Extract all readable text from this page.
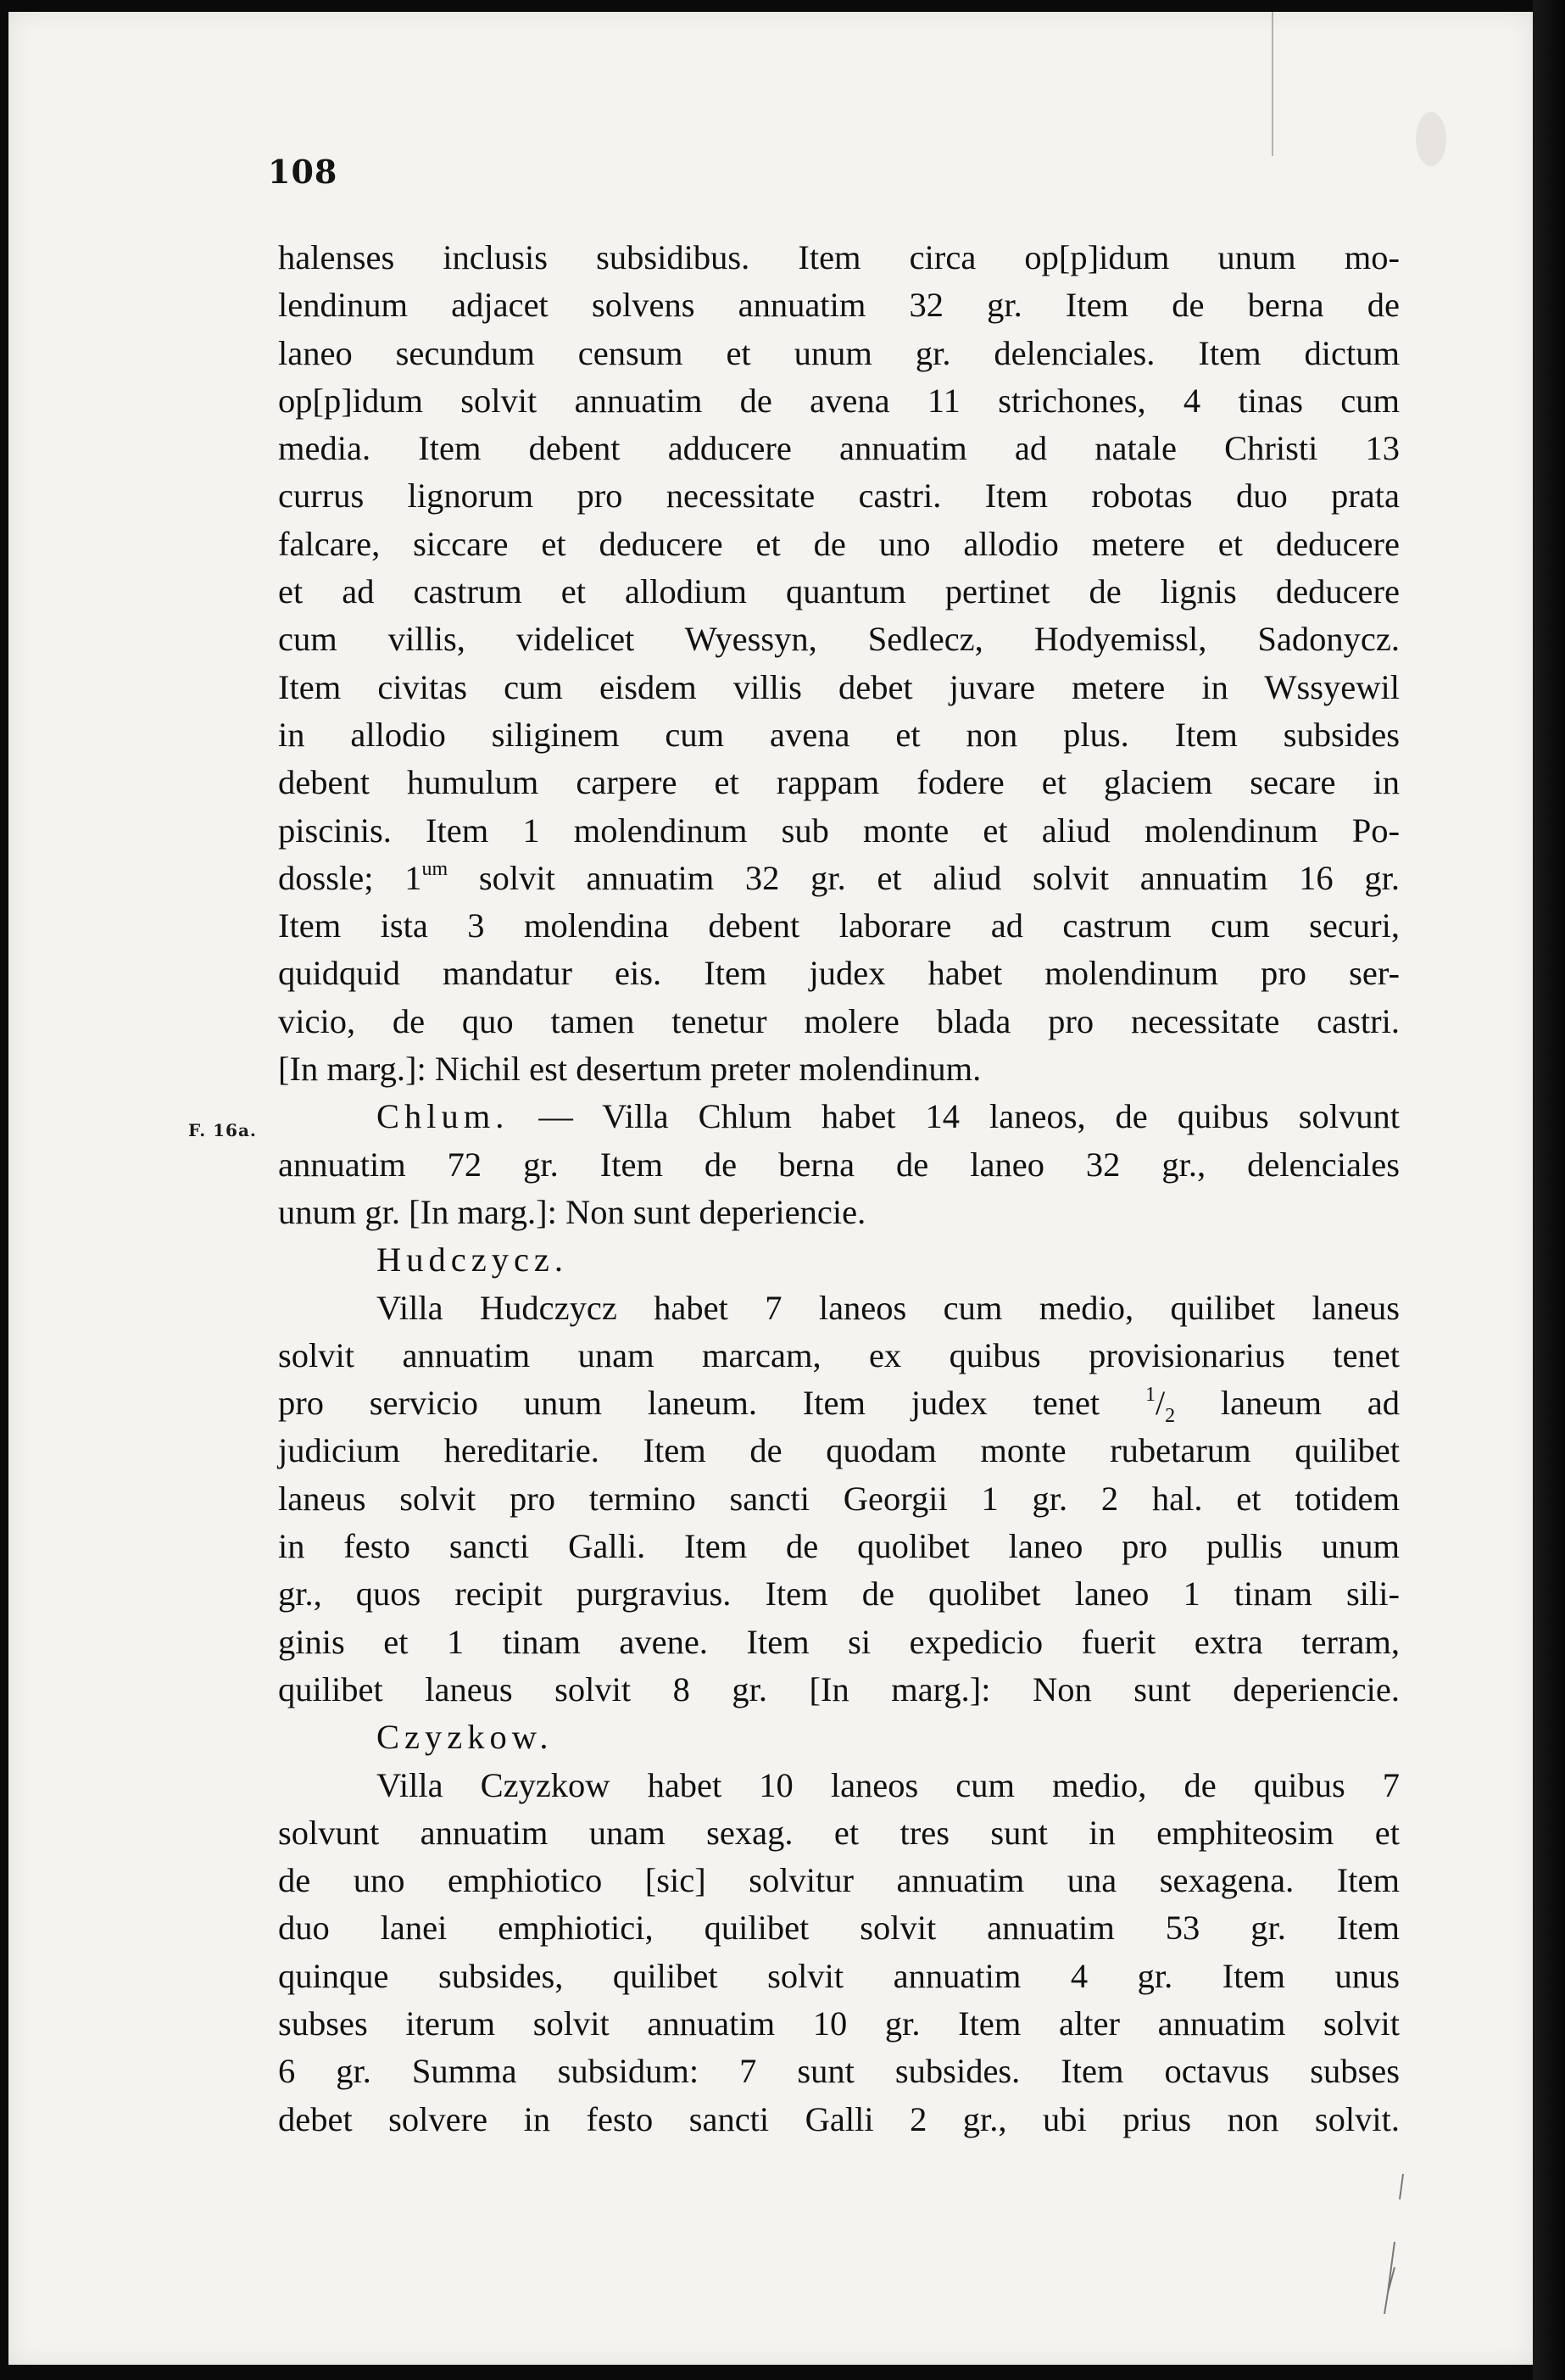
108
F. 16a.
halenses inclusis subsidibus. Item circa op[p]idum unum mo-
lendinum adjacet solvens annuatim 32 gr. Item de berna de
laneo secundum censum et unum gr. delenciales. Item dictum
op[p]idum solvit annuatim de avena 11 strichones, 4 tinas cum
media. Item debent adducere annuatim ad natale Christi 13
currus lignorum pro necessitate castri. Item robotas duo prata
falcare, siccare et deducere et de uno allodio metere et deducere
et ad castrum et allodium quantum pertinet de lignis deducere
cum villis, videlicet Wyessyn, Sedlecz, Hodyemissl, Sadonycz.
Item civitas cum eisdem villis debet juvare metere in Wssyewil
in allodio siliginem cum avena et non plus. Item subsides
debent humulum carpere et rappam fodere et glaciem secare in
piscinis. Item 1 molendinum sub monte et aliud molendinum Po-
dossle; $1^{um}$ solvit annuatim 32 gr. et aliud solvit annuatim 16 gr.
Item ista 3 molendina debent laborare ad castrum cum securi,
quidquid mandatur eis. Item judex habet molendinum pro ser-
vicio, de quo tamen tenetur molere blada pro necessitate castri.
[In marg.]: Nichil est desertum preter molendinum.
Chlum. — Villa Chlum habet 14 laneos, de quibus solvunt
annuatim 72 gr. Item de berna de laneo 32 gr., delenciales
unum gr. [In marg.]: Non sunt deperiencie.
Hudczycz.
Villa Hudczycz habet 7 laneos cum medio, quilibet laneus
solvit annuatim unam marcam, ex quibus provisionarius tenet
pro servicio unum laneum. Item judex tenet $^1/_2$ laneum ad
judicium hereditarie. Item de quodam monte rubetarum quilibet
laneus solvit pro termino sancti Georgii 1 gr. 2 hal. et totidem
in festo sancti Galli. Item de quolibet laneo pro pullis unum
gr., quos recipit purgravius. Item de quolibet laneo 1 tinam sili-
ginis et 1 tinam avene. Item si expedicio fuerit extra terram,
quilibet laneus solvit 8 gr. [In marg.]: Non sunt deperiencie.
Czyzkow.
Villa Czyzkow habet 10 laneos cum medio, de quibus 7
solvunt annuatim unam sexag. et tres sunt in emphiteosim et
de uno emphiotico [sic] solvitur annuatim una sexagena. Item
duo lanei emphiotici, quilibet solvit annuatim 53 gr. Item
quinque subsides, quilibet solvit annuatim 4 gr. Item unus
subses iterum solvit annuatim 10 gr. Item alter annuatim solvit
6 gr. Summa subsidum: 7 sunt subsides. Item octavus subses
debet solvere in festo sancti Galli 2 gr., ubi prius non solvit.
